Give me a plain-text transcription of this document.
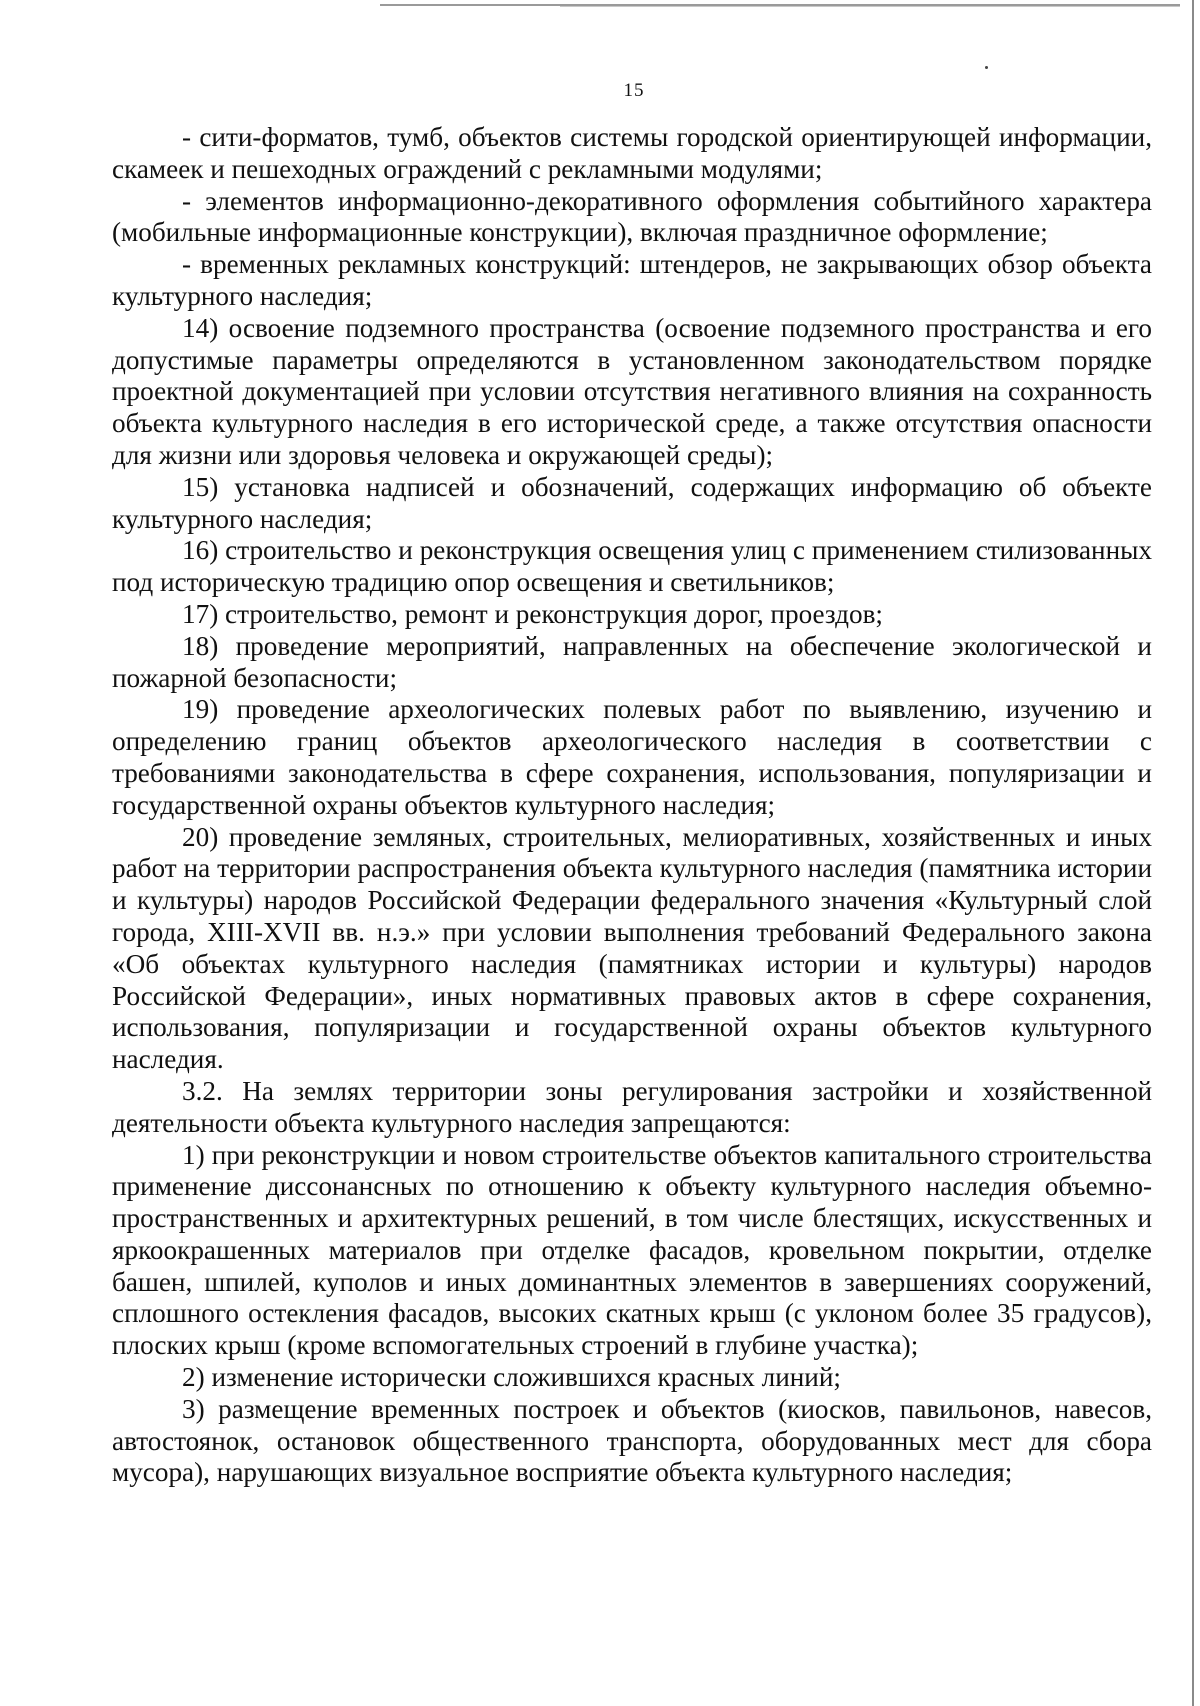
15

- сити-форматов, тумб, объектов системы городской ориентирующей информации, скамеек и пешеходных ограждений с рекламными модулями;

- элементов информационно-декоративного оформления событийного характера (мобильные информационные конструкции), включая праздничное оформление;

- временных рекламных конструкций: штендеров, не закрывающих обзор объекта культурного наследия;

14) освоение подземного пространства (освоение подземного пространства и его допустимые параметры определяются в установленном законодательством порядке проектной документацией при условии отсутствия негативного влияния на сохранность объекта культурного наследия в его исторической среде, а также отсутствия опасности для жизни или здоровья человека и окружающей среды);

15) установка надписей и обозначений, содержащих информацию об объекте культурного наследия;

16) строительство и реконструкция освещения улиц с применением стилизованных под историческую традицию опор освещения и светильников;

17) строительство, ремонт и реконструкция дорог, проездов;

18) проведение мероприятий, направленных на обеспечение экологической и пожарной безопасности;

19) проведение археологических полевых работ по выявлению, изучению и определению границ объектов археологического наследия в соответствии с требованиями законодательства в сфере сохранения, использования, популяризации и государственной охраны объектов культурного наследия;

20) проведение земляных, строительных, мелиоративных, хозяйственных и иных работ на территории распространения объекта культурного наследия (памятника истории и культуры) народов Российской Федерации федерального значения «Культурный слой города, XIII-XVII вв. н.э.» при условии выполнения требований Федерального закона «Об объектах культурного наследия (памятниках истории и культуры) народов Российской Федерации», иных нормативных правовых актов в сфере сохранения, использования, популяризации и государственной охраны объектов культурного наследия.

3.2. На землях территории зоны регулирования застройки и хозяйственной деятельности объекта культурного наследия запрещаются:

1) при реконструкции и новом строительстве объектов капитального строительства применение диссонансных по отношению к объекту культурного наследия объемно-пространственных и архитектурных решений, в том числе блестящих, искусственных и яркоокрашенных материалов при отделке фасадов, кровельном покрытии, отделке башен, шпилей, куполов и иных доминантных элементов в завершениях сооружений, сплошного остекления фасадов, высоких скатных крыш (с уклоном более 35 градусов), плоских крыш (кроме вспомогательных строений в глубине участка);

2) изменение исторически сложившихся красных линий;

3) размещение временных построек и объектов (киосков, павильонов, навесов, автостоянок, остановок общественного транспорта, оборудованных мест для сбора мусора), нарушающих визуальное восприятие объекта культурного наследия;
